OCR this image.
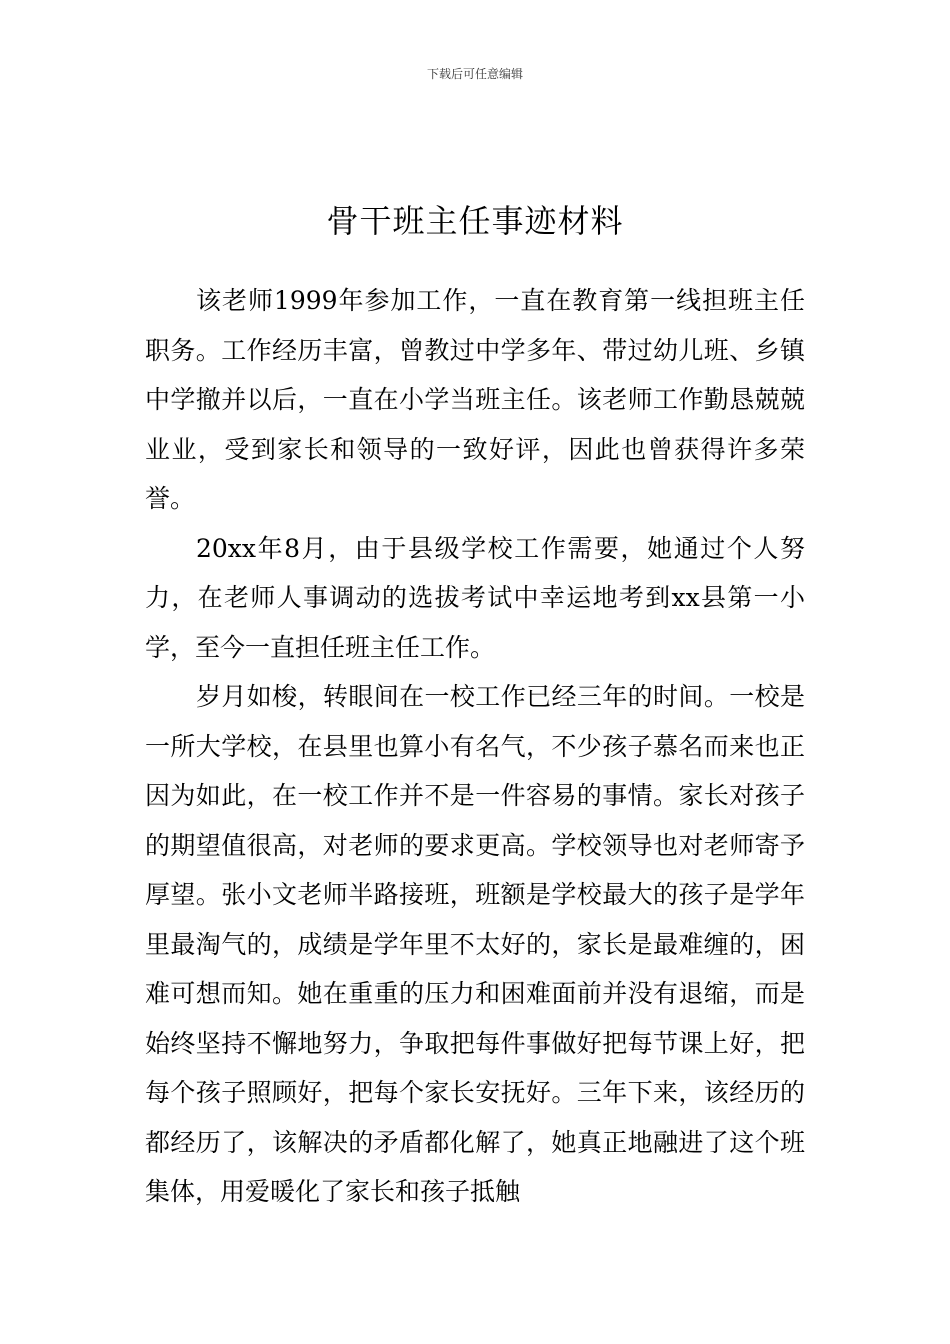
下载后可任意编辑
骨干班主任事迹材料

该老师1999年参加工作，一直在教育第一线担班主任职务。工作经历丰富，曾教过中学多年、带过幼儿班、乡镇中学撤并以后，一直在小学当班主任。该老师工作勤恳兢兢业业，受到家长和领导的一致好评，因此也曾获得许多荣誉。

20xx年8月，由于县级学校工作需要，她通过个人努力，在老师人事调动的选拔考试中幸运地考到xx县第一小学，至今一直担任班主任工作。

岁月如梭，转眼间在一校工作已经三年的时间。一校是一所大学校，在县里也算小有名气，不少孩子慕名而来也正因为如此，在一校工作并不是一件容易的事情。家长对孩子的期望值很高，对老师的要求更高。学校领导也对老师寄予厚望。张小文老师半路接班，班额是学校最大的孩子是学年里最淘气的，成绩是学年里不太好的，家长是最难缠的，困难可想而知。她在重重的压力和困难面前并没有退缩，而是始终坚持不懈地努力，争取把每件事做好把每节课上好，把每个孩子照顾好，把每个家长安抚好。三年下来，该经历的都经历了，该解决的矛盾都化解了，她真正地融进了这个班集体，用爱暖化了家长和孩子抵触
